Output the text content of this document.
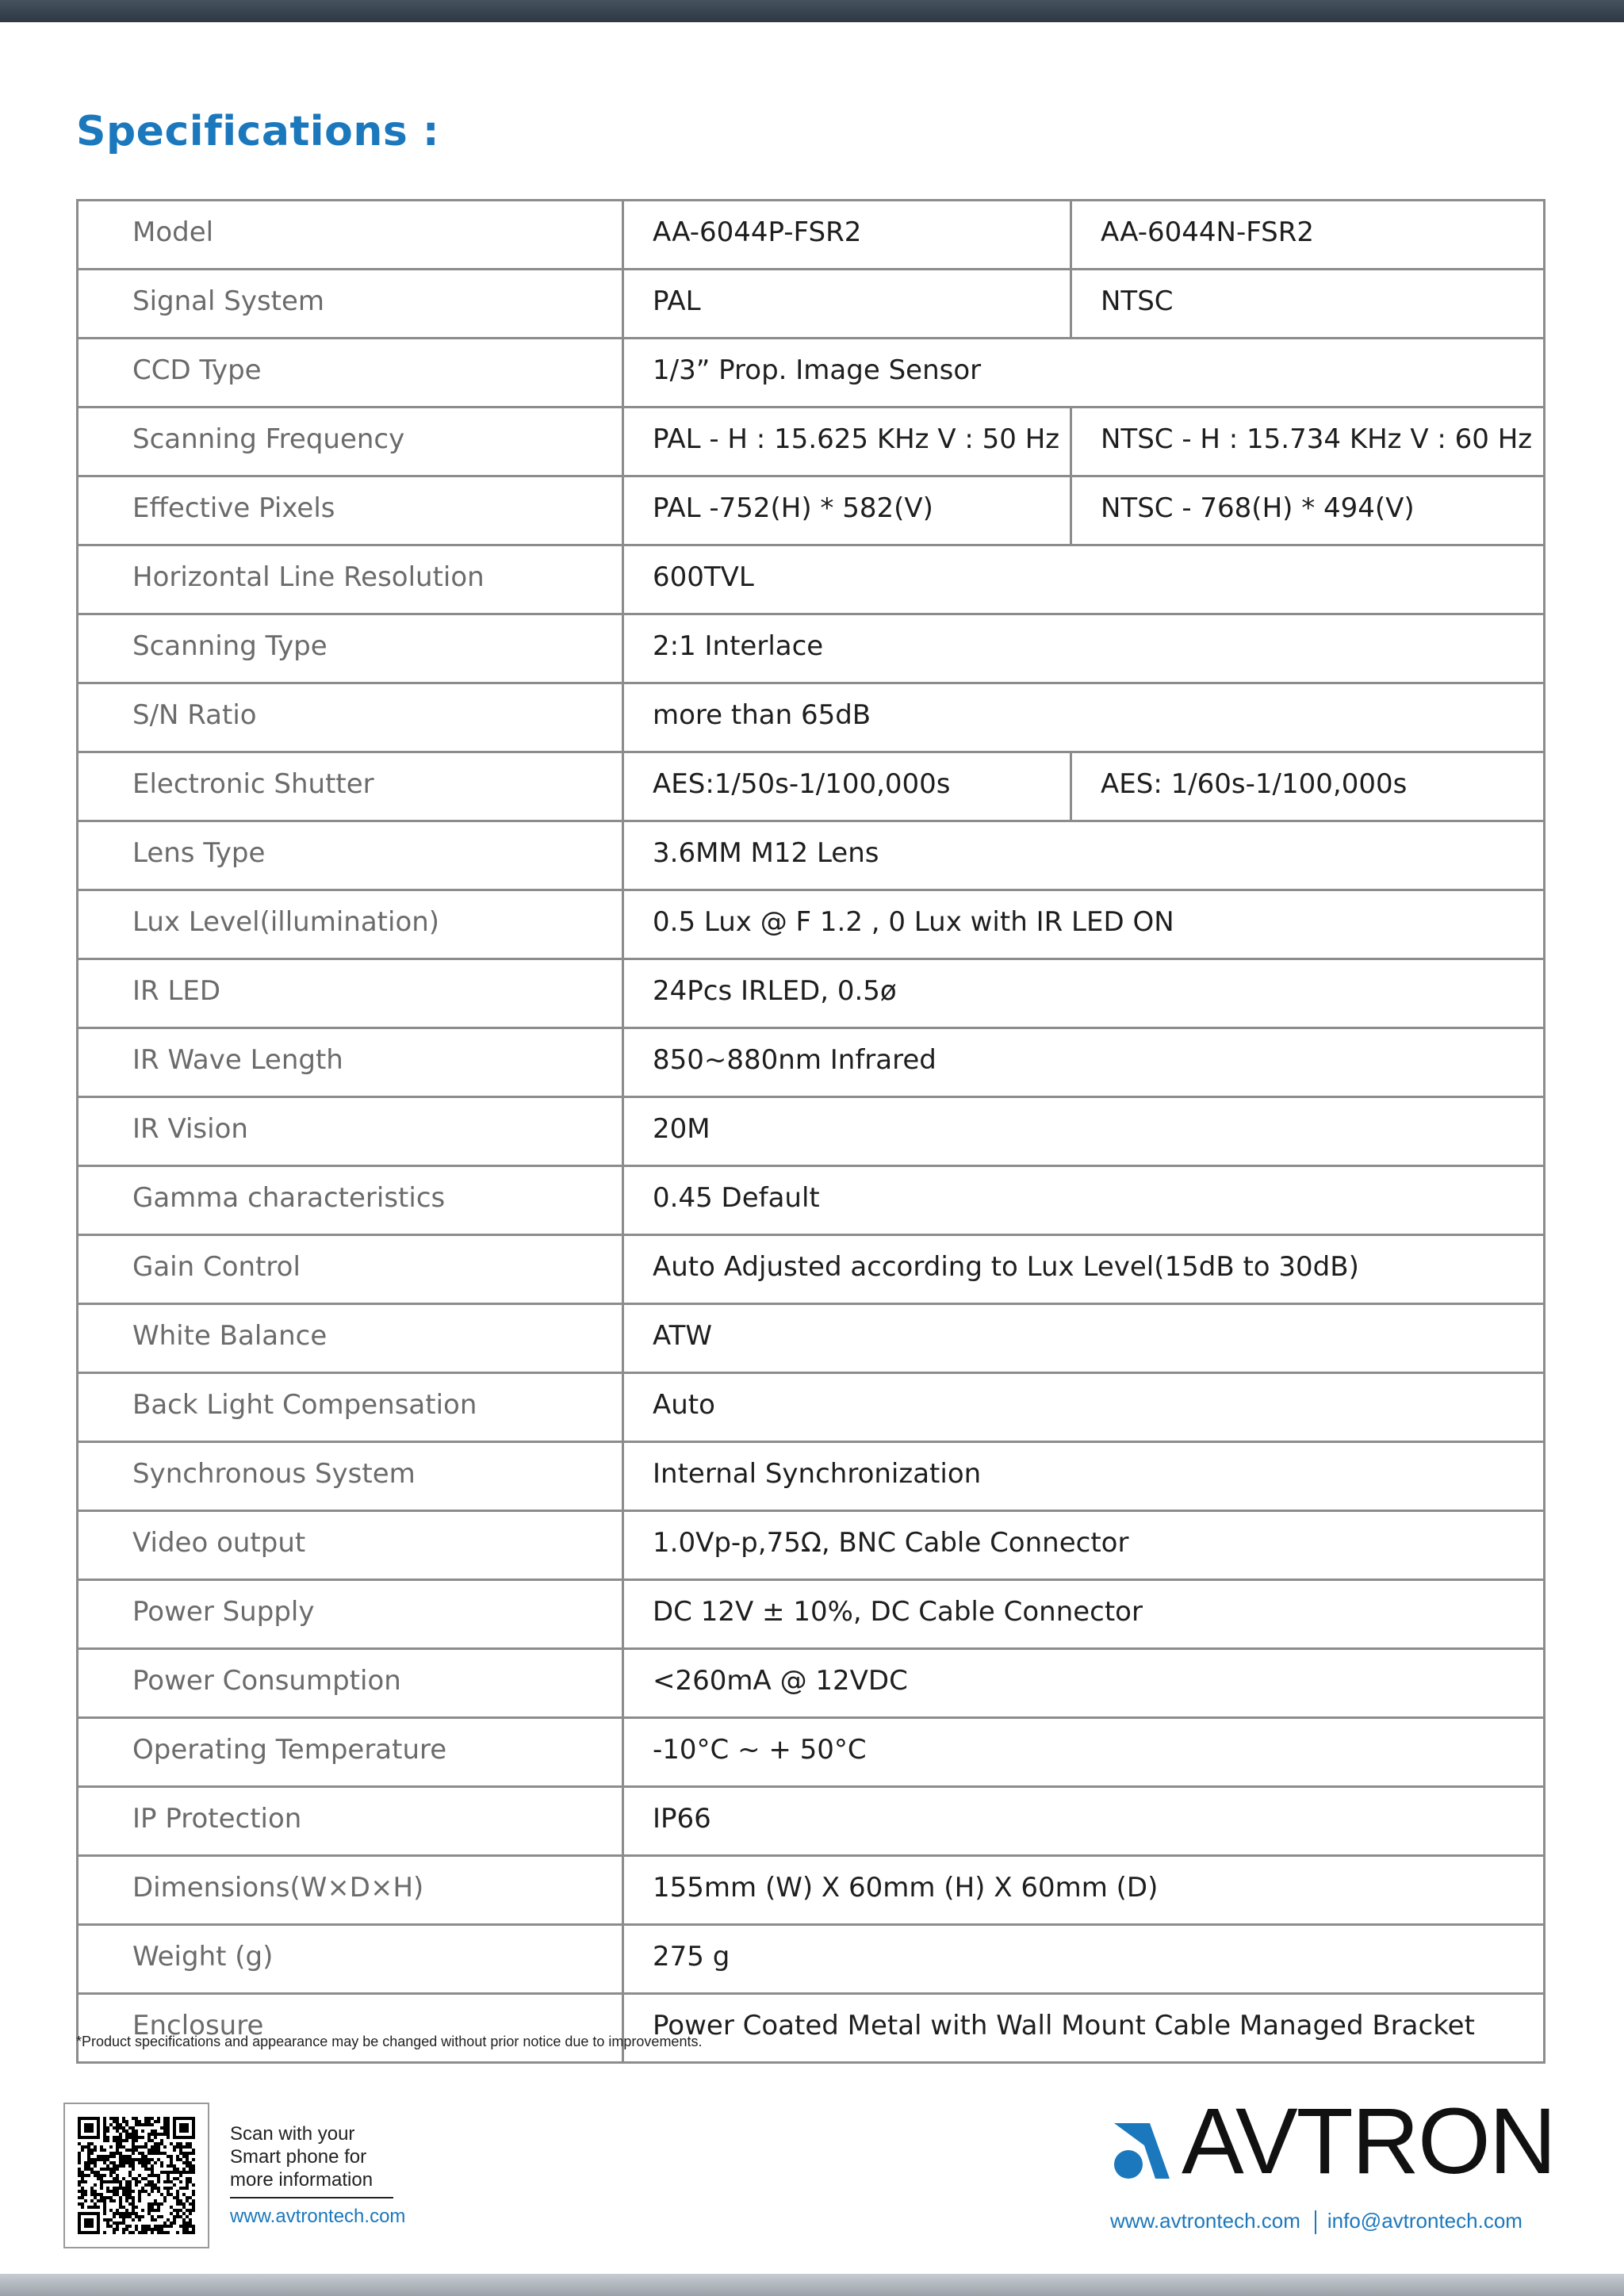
Specifications :
Model	AA-6044P-FSR2	AA-6044N-FSR2
Signal System	PAL	NTSC
CCD Type	1/3” Prop. Image Sensor	
Scanning Frequency	PAL - H : 15.625 KHz V : 50 Hz	NTSC - H : 15.734 KHz V : 60 Hz
Effective Pixels	PAL -752(H) * 582(V)	NTSC - 768(H) * 494(V)
Horizontal Line Resolution	600TVL	
Scanning Type	2:1 Interlace	
S/N Ratio	more than 65dB	
Electronic Shutter	AES:1/50s-1/100,000s	AES: 1/60s-1/100,000s
Lens Type	3.6MM M12 Lens	
Lux Level(illumination)	0.5 Lux @ F 1.2 , 0 Lux with IR LED ON	
IR LED	24Pcs IRLED, 0.5ø	
IR Wave Length	850~880nm Infrared	
IR Vision	20M	
Gamma characteristics	0.45 Default	
Gain Control	Auto Adjusted according to Lux Level(15dB to 30dB)	
White Balance	ATW	
Back Light Compensation	Auto	
Synchronous System	Internal Synchronization	
Video output	1.0Vp-p,75Ω, BNC Cable Connector	
Power Supply	DC 12V ± 10%, DC Cable Connector	
Power Consumption	<260mA @ 12VDC	
Operating Temperature	-10°C ~ + 50°C	
IP Protection	IP66	
Dimensions(W×D×H)	155mm (W) X 60mm (H) X 60mm (D)	
Weight (g)	275 g	
Enclosure	Power Coated Metal with Wall Mount Cable Managed Bracket	
*Product specifications and appearance may be changed without prior notice due to improvements.
Scan with your
Smart phone for
more information
www.avtrontech.com
AVTRON
www.avtrontech.com info@avtrontech.com
